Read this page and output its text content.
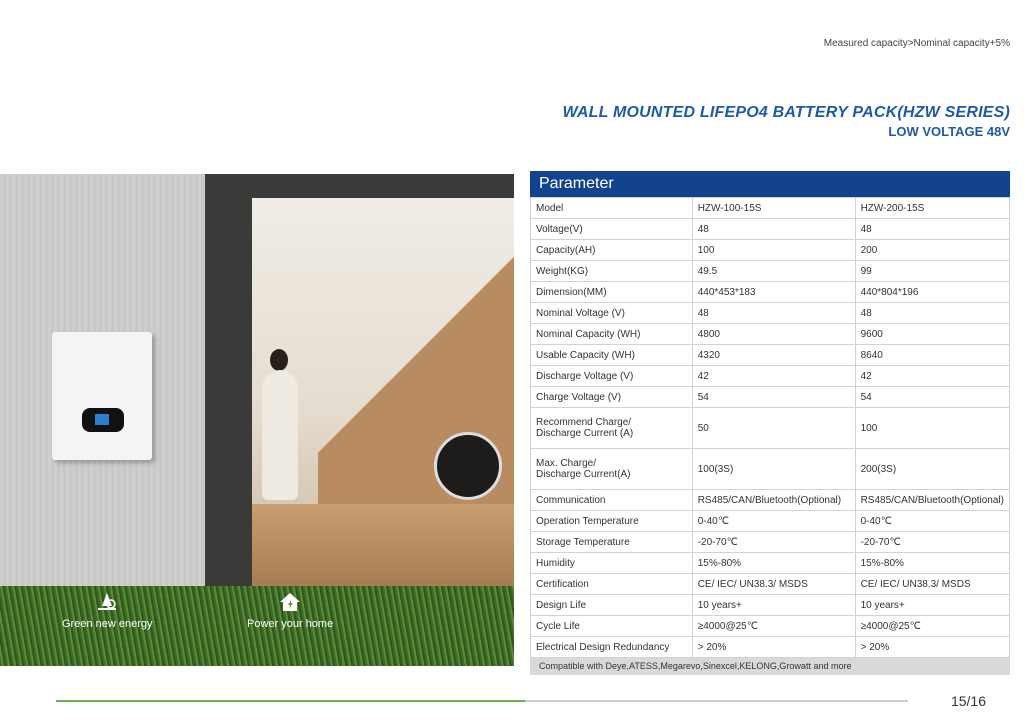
Measured capacity>Nominal capacity+5%
WALL MOUNTED LIFEPO4 BATTERY PACK(HZW SERIES)
LOW VOLTAGE 48V
Green new energy	Power your home
Parameter
Model	HZW-100-15S	HZW-200-15S
Voltage(V)	48	48
Capacity(AH)	100	200
Weight(KG)	49.5	99
Dimension(MM)	440*453*183	440*804*196
Nominal Voltage (V)	48	48
Nominal Capacity (WH)	4800	9600
Usable Capacity (WH)	4320	8640
Discharge Voltage (V)	42	42
Charge Voltage (V)	54	54
Recommend Charge/
Discharge Current (A)	50	100
Max. Charge/
Discharge Current(A)	100(3S)	200(3S)
Communication	RS485/CAN/Bluetooth(Optional)	RS485/CAN/Bluetooth(Optional)
Operation Temperature	0-40℃	0-40℃
Storage Temperature	-20-70℃	-20-70℃
Humidity	15%-80%	15%-80%
Certification	CE/ IEC/ UN38.3/ MSDS	CE/ IEC/ UN38.3/ MSDS
Design Life	10 years+	10 years+
Cycle Life	≥4000@25℃	≥4000@25℃
Electrical Design Redundancy	> 20%	> 20%
Compatible with Deye,ATESS,Megarevo,Sinexcel,KELONG,Growatt and more
15/16
